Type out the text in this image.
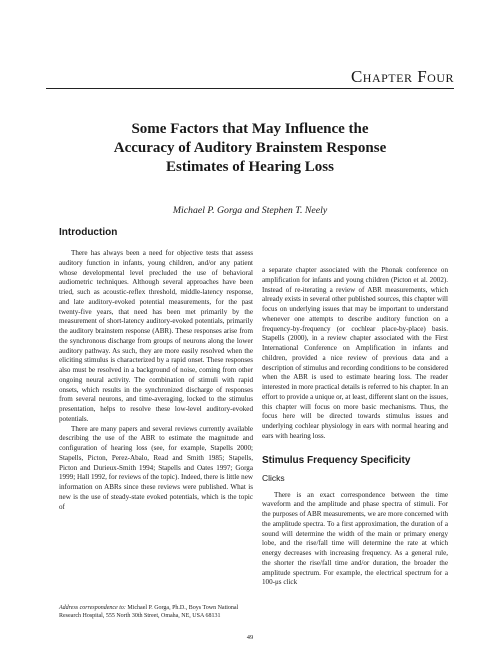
Chapter Four
Some Factors that May Influence the
Accuracy of Auditory Brainstem Response
Estimates of Hearing Loss
Michael P. Gorga and Stephen T. Neely
Introduction

There has always been a need for objective tests that assess auditory function in infants, young children, and/or any patient whose developmental level precluded the use of behavioral audiometric techniques. Although several approaches have been tried, such as acoustic-reflex threshold, middle-latency response, and late auditory-evoked potential measurements, for the past twenty-five years, that need has been met primarily by the measurement of short-latency auditory-evoked potentials, primarily the auditory brainstem response (ABR). These responses arise from the synchronous discharge from groups of neurons along the lower auditory pathway. As such, they are more easily resolved when the eliciting stimulus is characterized by a rapid onset. These responses also must be resolved in a background of noise, coming from other ongoing neural activity. The combination of stimuli with rapid onsets, which results in the synchronized discharge of responses from several neurons, and time-averaging, locked to the stimulus presentation, helps to resolve these low-level auditory-evoked potentials.

There are many papers and several reviews currently available describing the use of the ABR to estimate the magnitude and configuration of hearing loss (see, for example, Stapells 2000; Stapells, Picton, Perez-Abalo, Read and Smith 1985; Stapells, Picton and Durieux-Smith 1994; Stapells and Oates 1997; Gorga 1999; Hall 1992, for reviews of the topic). Indeed, there is little new information on ABRs since these reviews were published. What is new is the use of steady-state evoked potentials, which is the topic of

a separate chapter associated with the Phonak conference on amplification for infants and young children (Picton et al. 2002). Instead of re-iterating a review of ABR measurements, which already exists in several other published sources, this chapter will focus on underlying issues that may be important to understand whenever one attempts to describe auditory function on a frequency-by-frequency (or cochlear place-by-place) basis. Stapells (2000), in a review chapter associated with the First International Conference on Amplification in infants and children, provided a nice review of previous data and a description of stimulus and recording conditions to be considered when the ABR is used to estimate hearing loss. The reader interested in more practical details is referred to his chapter. In an effort to provide a unique or, at least, different slant on the issues, this chapter will focus on more basic mechanisms. Thus, the focus here will be directed towards stimulus issues and underlying cochlear physiology in ears with normal hearing and ears with hearing loss.

Stimulus Frequency Specificity
Clicks

There is an exact correspondence between the time waveform and the amplitude and phase spectra of stimuli. For the purposes of ABR measurements, we are more concerned with the amplitude spectra. To a first approximation, the duration of a sound will determine the width of the main or primary energy lobe, and the rise/fall time will determine the rate at which energy decreases with increasing frequency. As a general rule, the shorter the rise/fall time and/or duration, the broader the amplitude spectrum. For example, the electrical spectrum for a 100-μs click

Address correspondence to: Michael P. Gorga, Ph.D., Boys Town National Research Hospital, 555 North 30th Street, Omaha, NE, USA 68131
49
